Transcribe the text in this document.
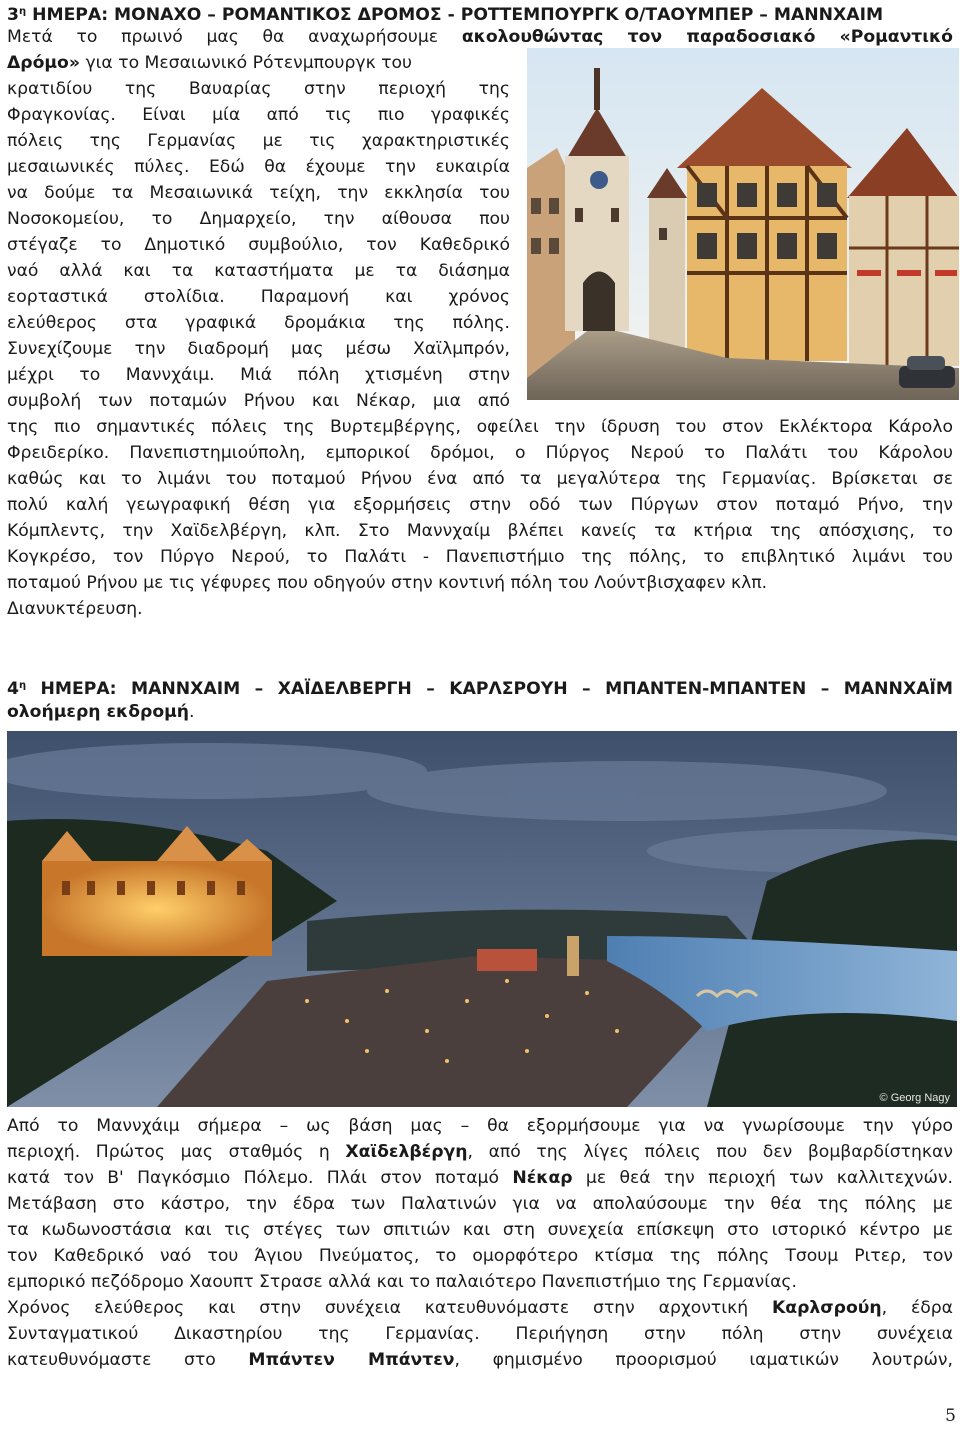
$3^\eta$ ΗΜΕΡΑ: ΜΟΝΑΧΟ – ΡΟΜΑΝΤΙΚΟΣ ΔΡΟΜΟΣ - ΡΟΤΤΕΜΠΟΥΡΓΚ Ο/ΤΑΟΥΜΠΕΡ – ΜΑΝΝΧΑΙΜ
Μετά το πρωινό μας θα αναχωρήσουμε ακολουθώντας τον παραδοσιακό «Ρομαντικό
Δρόμο» για το Μεσαιωνικό Ρότενμπουργκ του
κρατιδίου της Βαυαρίας στην περιοχή της
Φραγκονίας. Είναι μία από τις πιο γραφικές
πόλεις της Γερμανίας με τις χαρακτηριστικές
μεσαιωνικές πύλες. Εδώ θα έχουμε την ευκαιρία
να δούμε τα Μεσαιωνικά τείχη, την εκκλησία του
Νοσοκομείου, το Δημαρχείο, την αίθουσα που
στέγαζε το Δημοτικό συμβούλιο, τον Καθεδρικό
ναό αλλά και τα καταστήματα με τα διάσημα
εορταστικά στολίδια. Παραμονή και χρόνος
ελεύθερος στα γραφικά δρομάκια της πόλης.
Συνεχίζουμε την διαδρομή μας μέσω Χαϊλμπρόν,
μέχρι το Μαννχάιμ. Μιά πόλη χτισμένη στην
συμβολή των ποταμών Ρήνου και Νέκαρ, μια από
της πιο σημαντικές πόλεις της Βυρτεμβέργης, οφείλει την ίδρυση του στον Εκλέκτορα Κάρολο
Φρειδερίκο. Πανεπιστημιούπολη, εμπορικοί δρόμοι, ο Πύργος Νερού το Παλάτι του Κάρολου
καθώς και το λιμάνι του ποταμού Ρήνου ένα από τα μεγαλύτερα της Γερμανίας. Βρίσκεται σε
πολύ καλή γεωγραφική θέση για εξορμήσεις στην οδό των Πύργων στον ποταμό Ρήνο, την
Κόμπλεντς, την Χαϊδελβέργη, κλπ. Στο Μαννχαίμ βλέπει κανείς τα κτήρια της απόσχισης, το
Κογκρέσο, τον Πύργο Νερού, το Παλάτι - Πανεπιστήμιο της πόλης, το επιβλητικό λιμάνι του
ποταμού Ρήνου με τις γέφυρες που οδηγούν στην κοντινή πόλη του Λούντβισχαφεν κλπ.
Διανυκτέρευση.
$4^\eta$ ΗΜΕΡΑ: ΜΑΝΝΧΑΙΜ – ΧΑΪΔΕΛΒΕΡΓΗ – ΚΑΡΛΣΡΟΥΗ – ΜΠΑΝΤΕΝ-ΜΠΑΝΤΕΝ – ΜΑΝΝΧΑΪΜ
ολοήμερη εκδρομή.
© Georg Nagy
Από το Μαννχάιμ σήμερα – ως βάση μας – θα εξορμήσουμε για να γνωρίσουμε την γύρο
περιοχή. Πρώτος μας σταθμός η Χαϊδελβέργη, από της λίγες πόλεις που δεν βομβαρδίστηκαν
κατά τον Β' Παγκόσμιο Πόλεμο. Πλάι στον ποταμό Νέκαρ με θεά την περιοχή των καλλιτεχνών.
Μετάβαση στο κάστρο, την έδρα των Παλατινών για να απολαύσουμε την θέα της πόλης με
τα κωδωνοστάσια και τις στέγες των σπιτιών και στη συνεχεία επίσκεψη στο ιστορικό κέντρο με
τον Καθεδρικό ναό του Άγιου Πνεύματος, το ομορφότερο κτίσμα της πόλης Τσουμ Ριτερ, τον
εμπορικό πεζόδρομο Χαουπτ Στρασε αλλά και το παλαιότερο Πανεπιστήμιο της Γερμανίας.
Χρόνος ελεύθερος και στην συνέχεια κατευθυνόμαστε στην αρχοντική Καρλσρούη, έδρα
Συνταγματικού Δικαστηρίου της Γερμανίας. Περιήγηση στην πόλη στην συνέχεια
κατευθυνόμαστε στο Μπάντεν Μπάντεν, φημισμένο προορισμού ιαματικών λουτρών,
5
